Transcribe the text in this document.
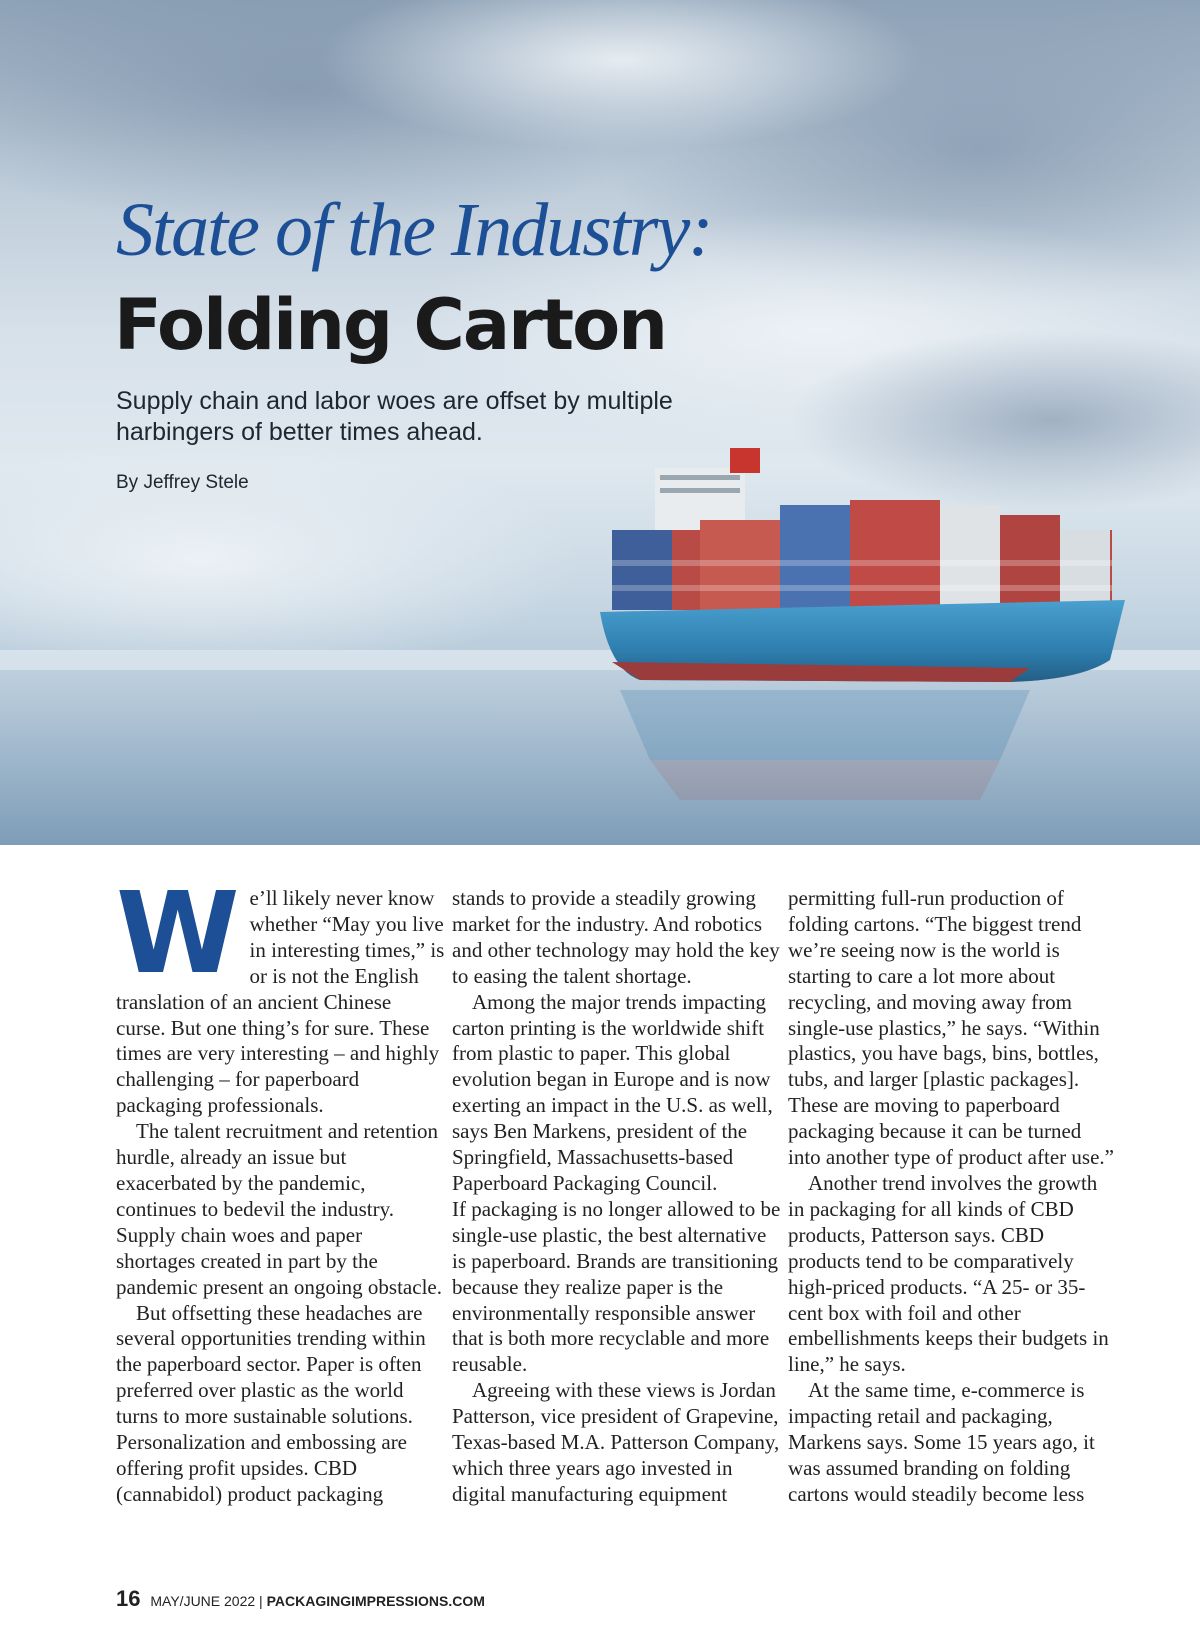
State of the Industry:
Folding Carton
Supply chain and labor woes are offset by multiple harbingers of better times ahead.
By Jeffrey Stele

We’ll likely never know whether “May you live in interesting times,” is or is not the English translation of an ancient Chinese curse. But one thing’s for sure. These times are very interesting – and highly challenging – for paperboard packaging professionals.

The talent recruitment and retention hurdle, already an issue but exacerbated by the pandemic, continues to bedevil the industry. Supply chain woes and paper shortages created in part by the pandemic present an ongoing obstacle.

But offsetting these headaches are several opportunities trending within the paperboard sector. Paper is often preferred over plastic as the world turns to more sustainable solutions. Personalization and embossing are offering profit upsides. CBD (cannabidol) product packaging

stands to provide a steadily growing market for the industry. And robotics and other technology may hold the key to easing the talent shortage.

Among the major trends impacting carton printing is the worldwide shift from plastic to paper. This global evolution began in Europe and is now exerting an impact in the U.S. as well, says Ben Markens, president of the Springfield, Massachusetts-based Paperboard Packaging Council.

If packaging is no longer allowed to be single-use plastic, the best alternative is paperboard. Brands are transitioning because they realize paper is the environmentally responsible answer that is both more recyclable and more reusable.

Agreeing with these views is Jordan Patterson, vice president of Grapevine, Texas-based M.A. Patterson Company, which three years ago invested in digital manufacturing equipment

permitting full-run production of folding cartons. “The biggest trend we’re seeing now is the world is starting to care a lot more about recycling, and moving away from single-use plastics,” he says. “Within plastics, you have bags, bins, bottles, tubs, and larger [plastic packages]. These are moving to paperboard packaging because it can be turned into another type of product after use.”

Another trend involves the growth in packaging for all kinds of CBD products, Patterson says. CBD products tend to be comparatively high-priced products. “A 25- or 35-cent box with foil and other embellishments keeps their budgets in line,” he says.

At the same time, e-commerce is impacting retail and packaging, Markens says. Some 15 years ago, it was assumed branding on folding cartons would steadily become less

16 MAY/JUNE 2022 | PACKAGINGIMPRESSIONS.COM
